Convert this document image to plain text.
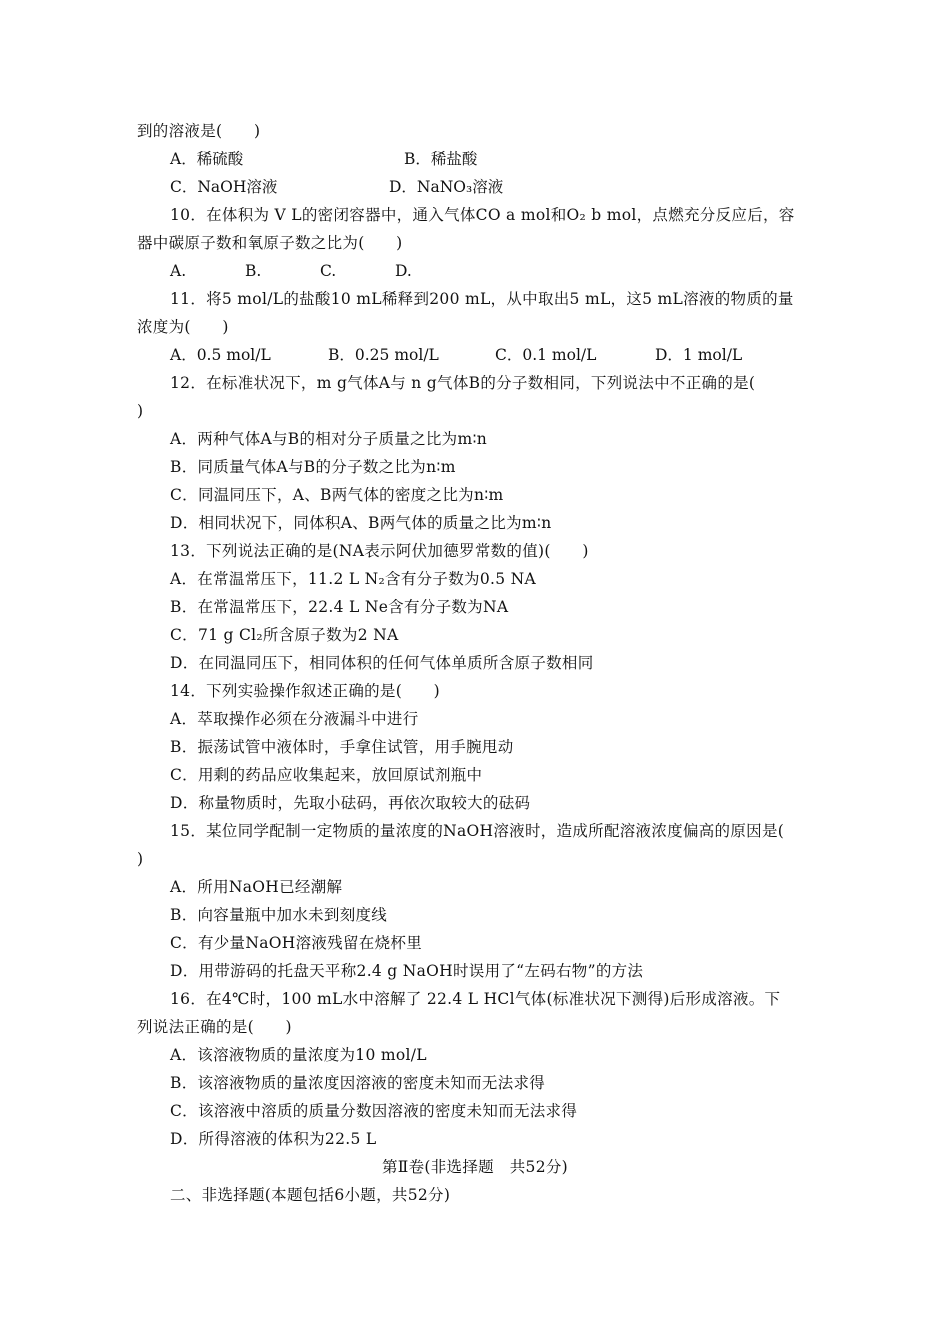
到的溶液是(　　)
A．稀硫酸	B．稀盐酸
C．NaOH溶液	D．NaNO₃溶液
10．在体积为 V L的密闭容器中，通入气体CO a mol和O₂ b mol，点燃充分反应后，容
器中碳原子数和氧原子数之比为(　　)
A.	B.	C.	D.
11．将5 mol/L的盐酸10 mL稀释到200 mL，从中取出5 mL，这5 mL溶液的物质的量
浓度为(　　)
A．0.5 mol/L	B．0.25 mol/L	C．0.1 mol/L	D．1 mol/L
12．在标准状况下，m g气体A与 n g气体B的分子数相同，下列说法中不正确的是(
)
A．两种气体A与B的相对分子质量之比为m∶n
B．同质量气体A与B的分子数之比为n∶m
C．同温同压下，A、B两气体的密度之比为n∶m
D．相同状况下，同体积A、B两气体的质量之比为m∶n
13．下列说法正确的是(NA表示阿伏加德罗常数的值)(　　)
A．在常温常压下，11.2 L N₂含有分子数为0.5 NA
B．在常温常压下，22.4 L Ne含有分子数为NA
C．71 g Cl₂所含原子数为2 NA
D．在同温同压下，相同体积的任何气体单质所含原子数相同
14．下列实验操作叙述正确的是(　　)
A．萃取操作必须在分液漏斗中进行
B．振荡试管中液体时，手拿住试管，用手腕甩动
C．用剩的药品应收集起来，放回原试剂瓶中
D．称量物质时，先取小砝码，再依次取较大的砝码
15．某位同学配制一定物质的量浓度的NaOH溶液时，造成所配溶液浓度偏高的原因是(
)
A．所用NaOH已经潮解
B．向容量瓶中加水未到刻度线
C．有少量NaOH溶液残留在烧杯里
D．用带游码的托盘天平称2.4 g NaOH时误用了“左码右物”的方法
16．在4℃时，100 mL水中溶解了 22.4 L HCl气体(标准状况下测得)后形成溶液。下
列说法正确的是(　　)
A．该溶液物质的量浓度为10 mol/L
B．该溶液物质的量浓度因溶液的密度未知而无法求得
C．该溶液中溶质的质量分数因溶液的密度未知而无法求得
D．所得溶液的体积为22.5 L
第Ⅱ卷(非选择题　共52分)
二、非选择题(本题包括6小题，共52分)
